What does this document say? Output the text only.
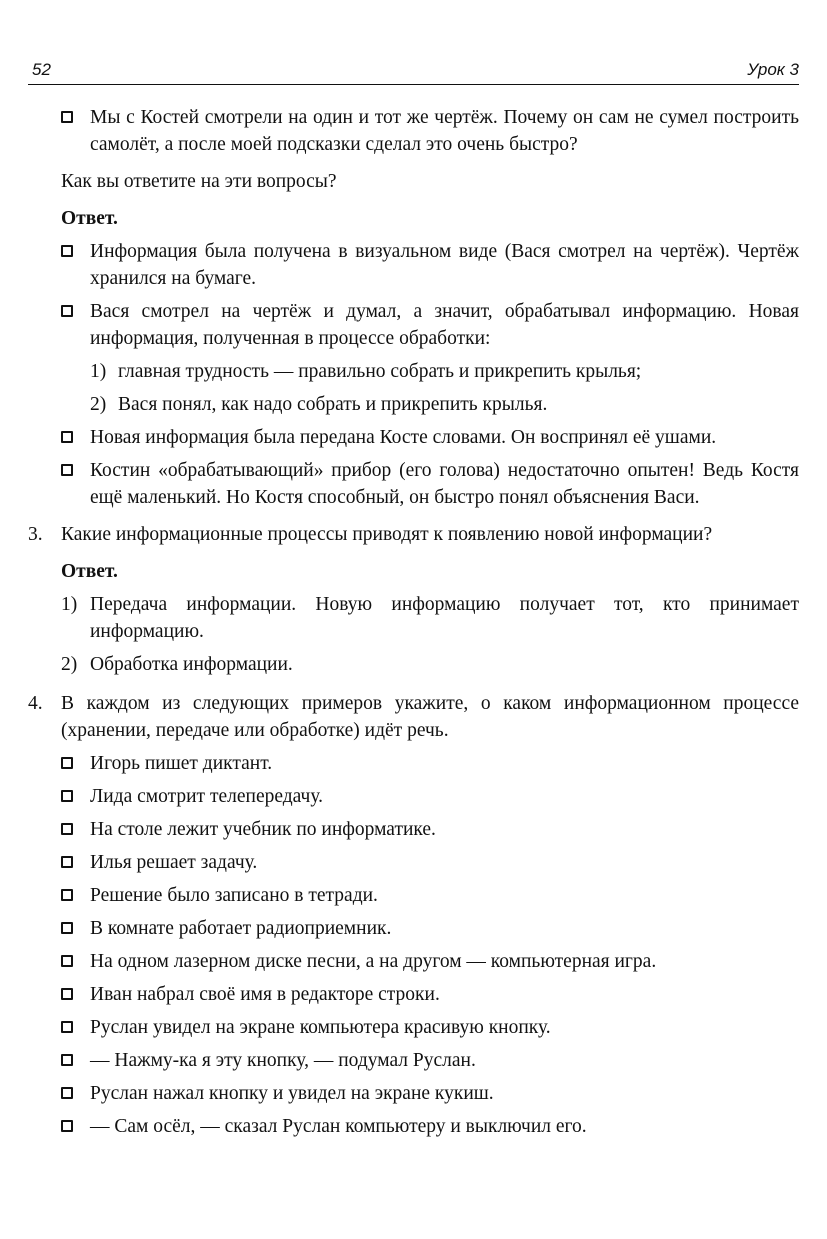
52	Урок 3
Мы с Костей смотрели на один и тот же чертёж. Почему он сам не сумел построить самолёт, а после моей подсказки сделал это очень быстро?
Как вы ответите на эти вопросы?
Ответ.
Информация была получена в визуальном виде (Вася смотрел на чертёж). Чертёж хранился на бумаге.
Вася смотрел на чертёж и думал, а значит, обрабатывал информацию. Новая информация, полученная в процессе обработки:
1) главная трудность — правильно собрать и прикрепить крылья;
2) Вася понял, как надо собрать и прикрепить крылья.
Новая информация была передана Косте словами. Он воспринял её ушами.
Костин «обрабатывающий» прибор (его голова) недостаточно опытен! Ведь Костя ещё маленький. Но Костя способный, он быстро понял объяснения Васи.
3. Какие информационные процессы приводят к появлению новой информации?
Ответ.
1) Передача информации. Новую информацию получает тот, кто принимает информацию.
2) Обработка информации.
4. В каждом из следующих примеров укажите, о каком информационном процессе (хранении, передаче или обработке) идёт речь.
Игорь пишет диктант.
Лида смотрит телепередачу.
На столе лежит учебник по информатике.
Илья решает задачу.
Решение было записано в тетради.
В комнате работает радиоприемник.
На одном лазерном диске песни, а на другом — компьютерная игра.
Иван набрал своё имя в редакторе строки.
Руслан увидел на экране компьютера красивую кнопку.
— Нажму-ка я эту кнопку, — подумал Руслан.
Руслан нажал кнопку и увидел на экране кукиш.
— Сам осёл, — сказал Руслан компьютеру и выключил его.
